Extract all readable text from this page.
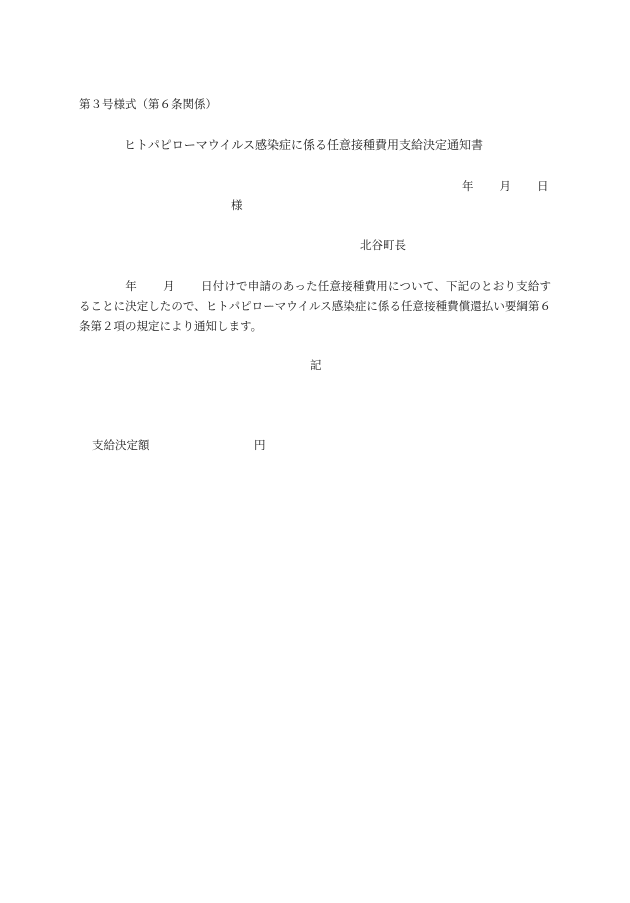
第３号様式（第６条関係）
ヒトパピローマウイルス感染症に係る任意接種費用支給決定通知書
年 月 日
様
北谷町長
年 月 日付けで申請のあった任意接種費用について、下記のとおり支給することに決定したので、ヒトパピローマウイルス感染症に係る任意接種費償還払い要綱第６条第２項の規定により通知します。
記
支給決定額	円
